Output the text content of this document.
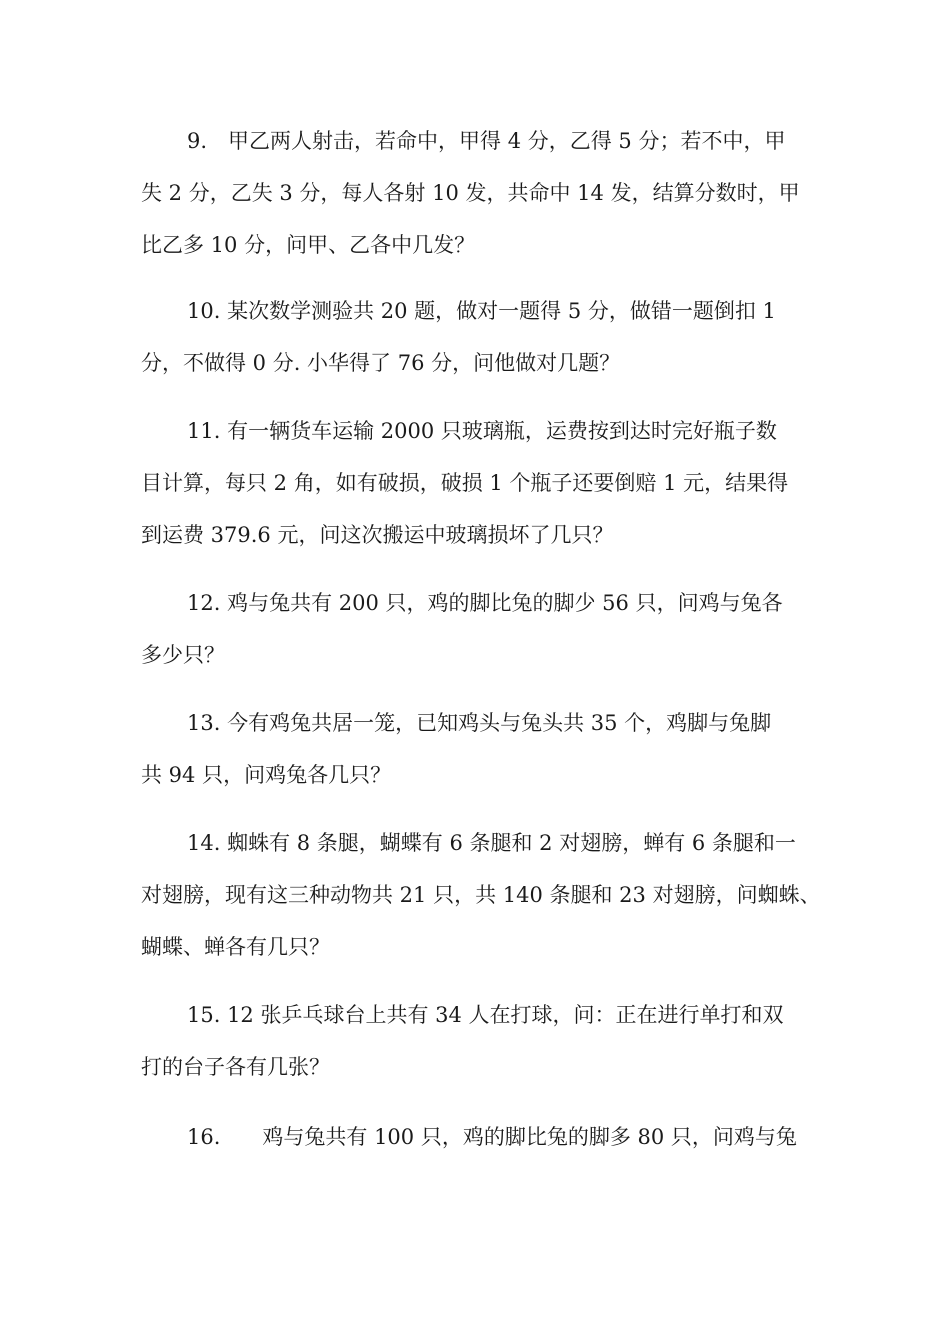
9.　甲乙两人射击，若命中，甲得 4 分，乙得 5 分；若不中，甲
失 2 分，乙失 3 分，每人各射 10 发，共命中 14 发，结算分数时，甲
比乙多 10 分，问甲、乙各中几发？
10. 某次数学测验共 20 题，做对一题得 5 分，做错一题倒扣 1
分，不做得 0 分. 小华得了 76 分，问他做对几题？
11. 有一辆货车运输 2000 只玻璃瓶，运费按到达时完好瓶子数
目计算，每只 2 角，如有破损，破损 1 个瓶子还要倒赔 1 元，结果得
到运费 379.6 元，问这次搬运中玻璃损坏了几只？
12. 鸡与兔共有 200 只，鸡的脚比兔的脚少 56 只，问鸡与兔各
多少只？
13. 今有鸡兔共居一笼，已知鸡头与兔头共 35 个，鸡脚与兔脚
共 94 只，问鸡兔各几只？
14. 蜘蛛有 8 条腿，蝴蝶有 6 条腿和 2 对翅膀，蝉有 6 条腿和一
对翅膀，现有这三种动物共 21 只，共 140 条腿和 23 对翅膀，问蜘蛛、
蝴蝶、蝉各有几只？
15. 12 张乒乓球台上共有 34 人在打球，问：正在进行单打和双
打的台子各有几张？
16.　　鸡与兔共有 100 只，鸡的脚比兔的脚多 80 只，问鸡与兔
